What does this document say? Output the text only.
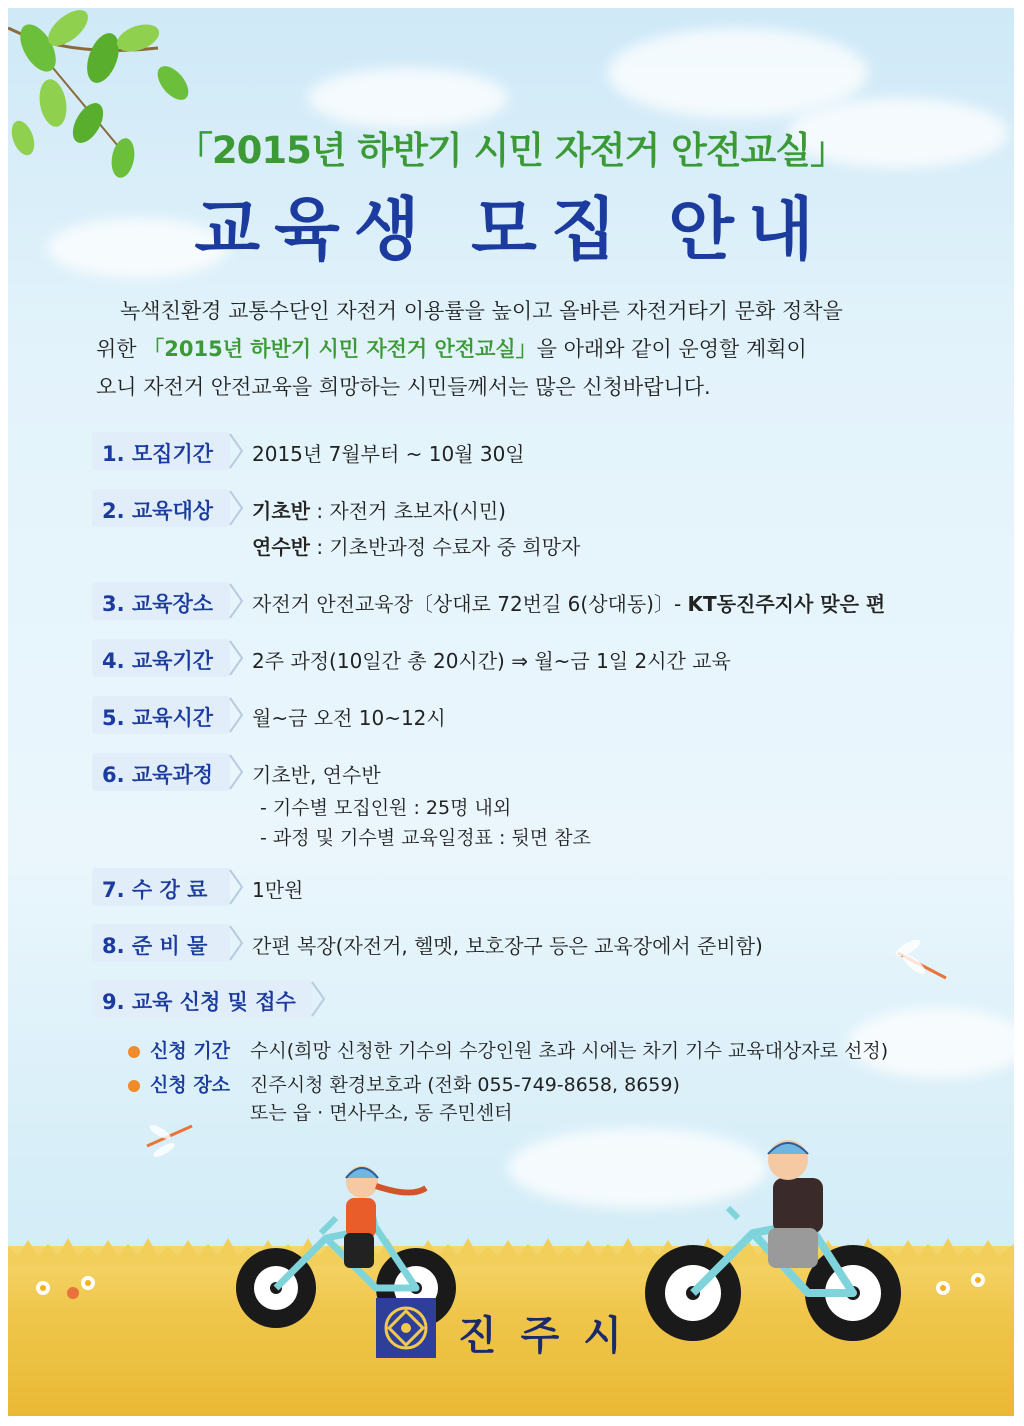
「2015년 하반기 시민 자전거 안전교실」
교육생 모집 안내
녹색친환경 교통수단인 자전거 이용률을 높이고 올바른 자전거타기 문화 정착을
위한 「2015년 하반기 시민 자전거 안전교실」을 아래와 같이 운영할 계획이
오니 자전거 안전교육을 희망하는 시민들께서는 많은 신청바랍니다.
1. 모집기간 2015년 7월부터 ~ 10월 30일
2. 교육대상 기초반 : 자전거 초보자(시민)
연수반 : 기초반과정 수료자 중 희망자
3. 교육장소 자전거 안전교육장〔상대로 72번길 6(상대동)〕- KT동진주지사 맞은 편
4. 교육기간 2주 과정(10일간 총 20시간) ⇒ 월~금 1일 2시간 교육
5. 교육시간 월~금 오전 10~12시
6. 교육과정 기초반, 연수반
- 기수별 모집인원 : 25명 내외
- 과정 및 기수별 교육일정표 : 뒷면 참조
7. 수 강 료 1만원
8. 준 비 물 간편 복장(자전거, 헬멧, 보호장구 등은 교육장에서 준비함)
9. 교육 신청 및 접수
신청 기간 수시(희망 신청한 기수의 수강인원 초과 시에는 차기 기수 교육대상자로 선정)
신청 장소 진주시청 환경보호과 (전화 055-749-8658, 8659)
또는 읍 · 면사무소, 동 주민센터
진주시
